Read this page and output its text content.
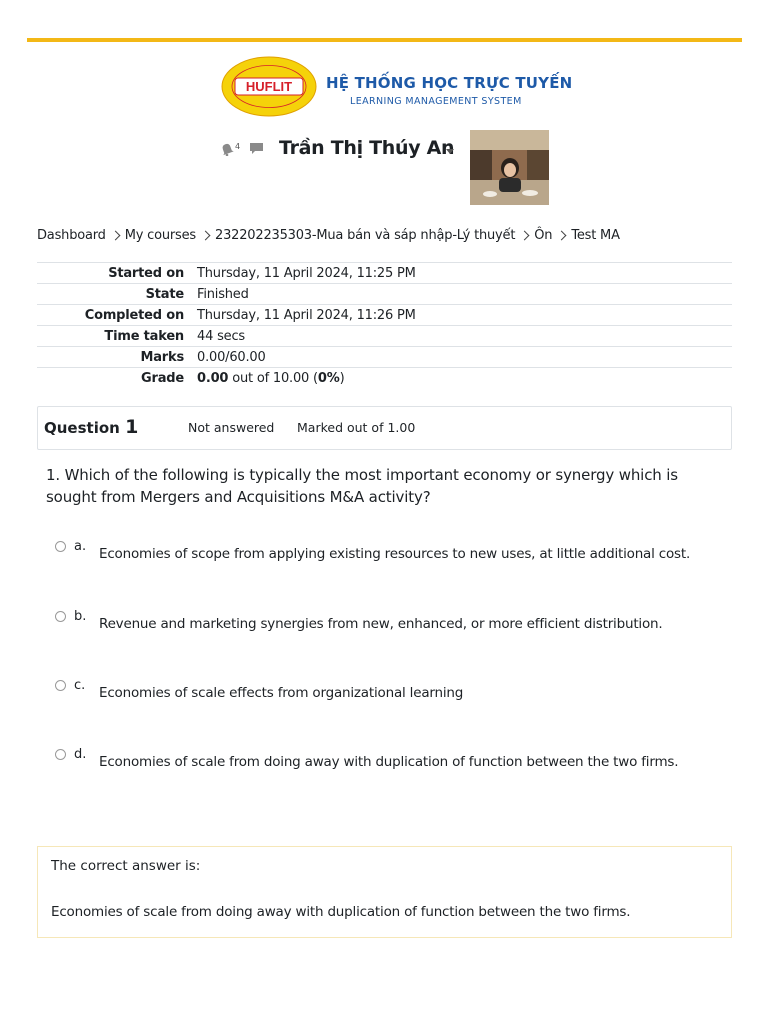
HUFLIT HỆ THỐNG HỌC TRỰC TUYẾN
LEARNING MANAGEMENT SYSTEM
4 Trần Thị Thúy An
Dashboard My courses 232202235303-Mua bán và sáp nhập-Lý thuyết Ôn Test MA
Started on	Thursday, 11 April 2024, 11:25 PM
State	Finished
Completed on	Thursday, 11 April 2024, 11:26 PM
Time taken	44 secs
Marks	0.00/60.00
Grade	0.00 out of 10.00 (0%)
Question 1	Not answered Marked out of 1.00
1. Which of the following is typically the most important economy or synergy which is sought from Mergers and Acquisitions M&A activity?
a. Economies of scope from applying existing resources to new uses, at little additional cost.
b. Revenue and marketing synergies from new, enhanced, or more efficient distribution.
c. Economies of scale effects from organizational learning
d. Economies of scale from doing away with duplication of function between the two firms.
The correct answer is:
Economies of scale from doing away with duplication of function between the two firms.
